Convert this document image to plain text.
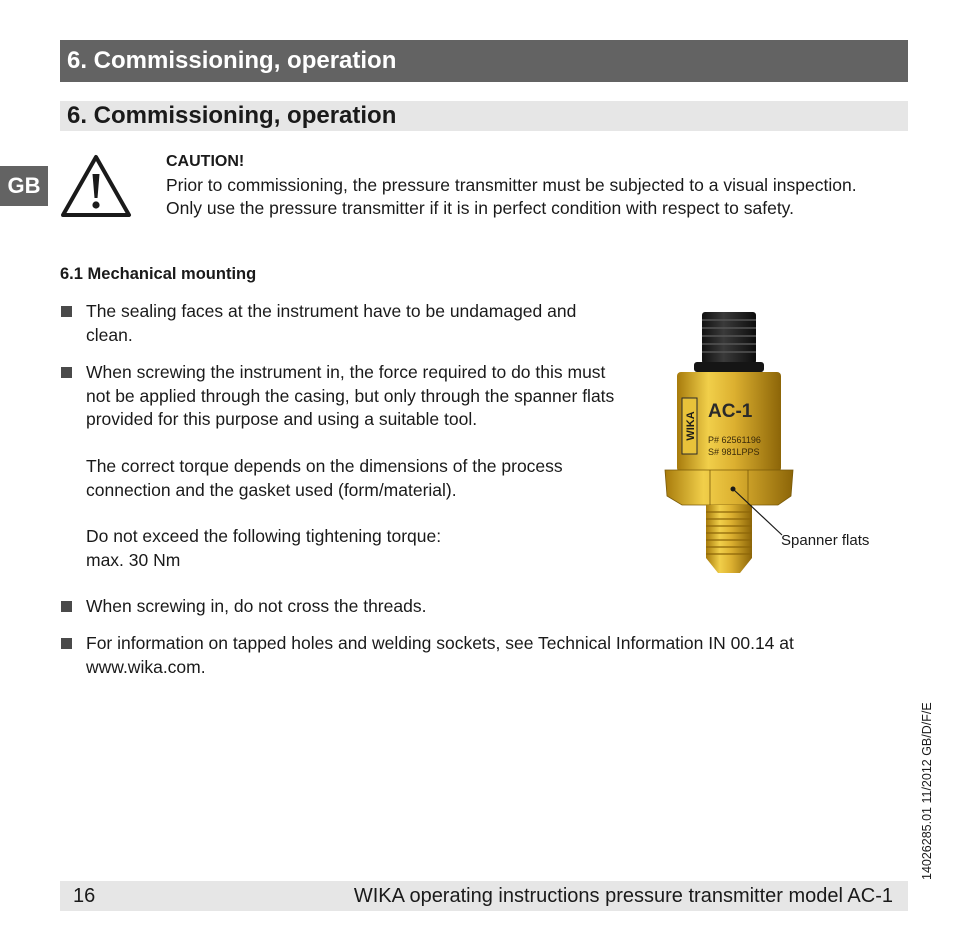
6. Commissioning, operation
6. Commissioning, operation
GB
CAUTION!
Prior to commissioning, the pressure transmitter must be subjected to a visual inspection.
Only use the pressure transmitter if it is in perfect condition with respect to safety.
6.1 Mechanical mounting
The sealing faces at the instrument have to be undamaged and
clean.
When screwing the instrument in, the force required to do this must
not be applied through the casing, but only through the spanner flats
provided for this purpose and using a suitable tool.
The correct torque depends on the dimensions of the process
connection and the gasket used (form/material).
Do not exceed the following tightening torque:
max. 30 Nm
When screwing in, do not cross the threads.
For information on tapped holes and welding sockets, see Technical Information IN 00.14 at
www.wika.com.
WIKA AC-1
P# 62561196
S# 981LPPS
Spanner flats
14026285.01 11/2012 GB/D/F/E
16	WIKA operating instructions pressure transmitter model AC-1
